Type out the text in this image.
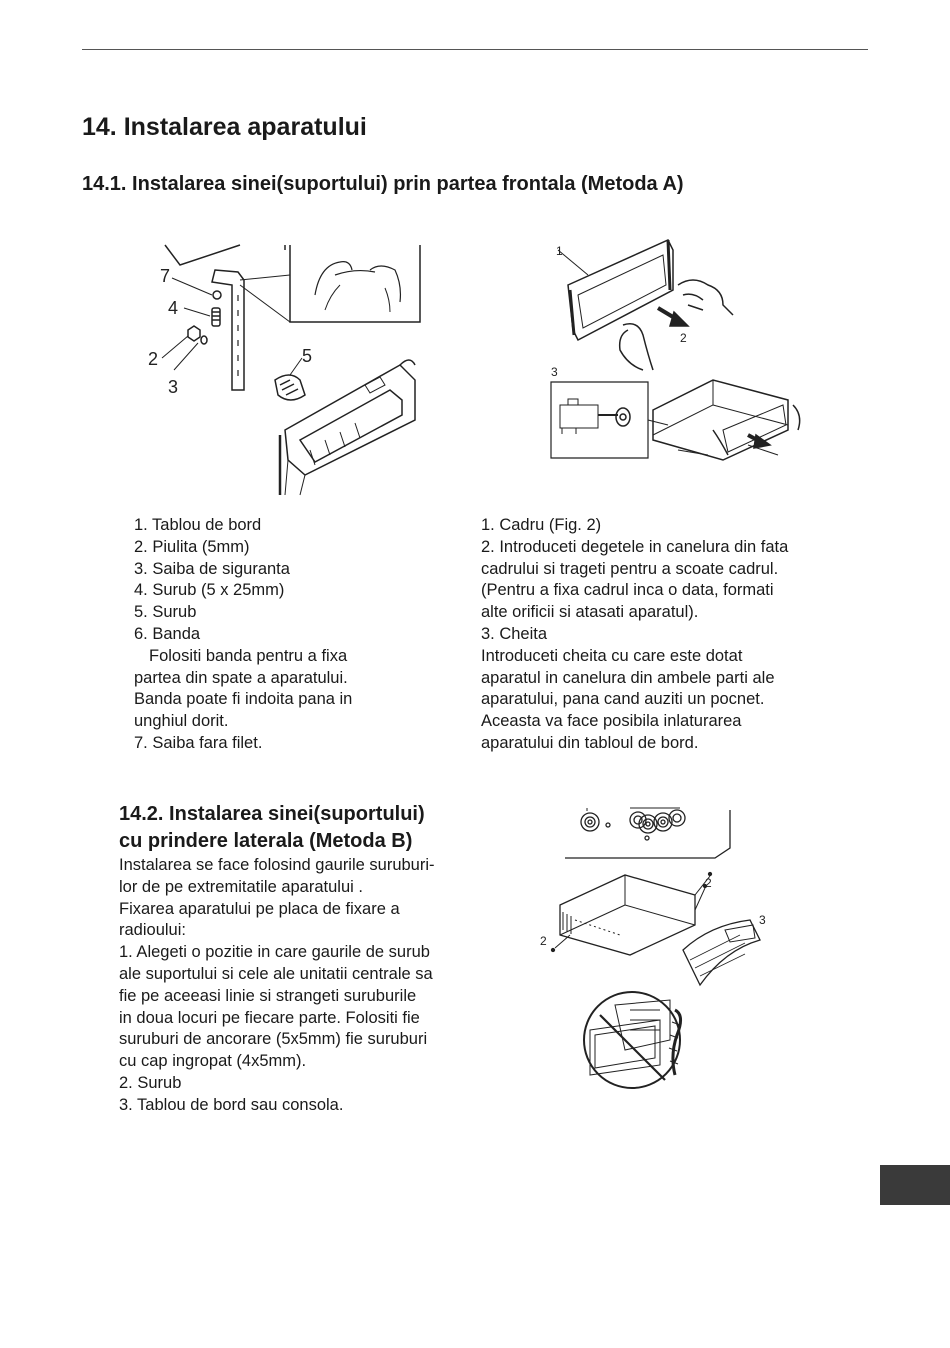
14. Instalarea aparatului
14.1. Instalarea sinei(suportului) prin partea frontala (Metoda A)
7
4
2
3
5
1
2
3
1. Tablou de bord
2. Piulita (5mm)
3. Saiba de siguranta
4. Surub (5 x 25mm)
5. Surub
6. Banda
Folositi banda pentru a fixa
partea din spate a aparatului.
Banda poate fi indoita pana in
unghiul dorit.
7. Saiba fara filet.
1. Cadru (Fig. 2)
2. Introduceti degetele in canelura din fata
cadrului si trageti pentru a scoate cadrul.
(Pentru a fixa cadrul inca o data, formati
alte orificii si atasati aparatul).
3. Cheita
Introduceti cheita cu care este dotat
aparatul in canelura din ambele parti ale
aparatului, pana cand auziti un pocnet.
Aceasta va face posibila inlaturarea
aparatului din tabloul de bord.
14.2. Instalarea sinei(suportului)
cu prindere laterala (Metoda B)
Instalarea se face folosind gaurile suruburi-
lor de pe extremitatile aparatului .
Fixarea aparatului pe placa de fixare a
radioului:
1. Alegeti o pozitie in care gaurile de surub
ale suportului si cele ale unitatii centrale sa
fie pe aceeasi linie si strangeti suruburile
in doua locuri pe fiecare parte. Folositi fie
suruburi de ancorare (5x5mm) fie suruburi
cu cap ingropat (4x5mm).
2. Surub
3. Tablou de bord sau consola.
2
2
3
